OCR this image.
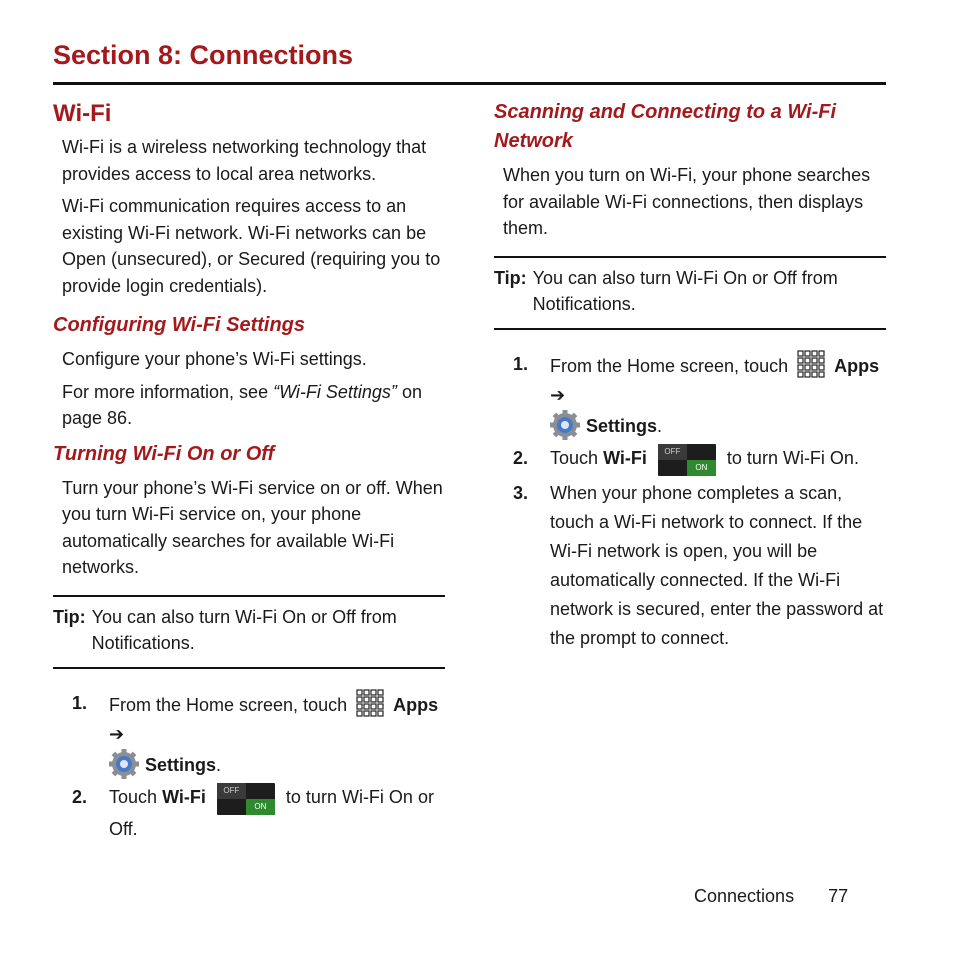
Section 8: Connections
Wi-Fi

Wi-Fi is a wireless networking technology that provides access to local area networks.

Wi-Fi communication requires access to an existing Wi-Fi network. Wi-Fi networks can be Open (unsecured), or Secured (requiring you to provide login credentials).

Configuring Wi-Fi Settings

Configure your phone’s Wi-Fi settings.

For more information, see “Wi-Fi Settings” on page 86.

Turning Wi-Fi On or Off

Turn your phone’s Wi-Fi service on or off. When you turn Wi-Fi service on, your phone automatically searches for available Wi-Fi networks.

Tip: You can also turn Wi-Fi On or Off from Notifications.
1.	From the Home screen, touch	Apps ➔
Settings.
2.	Touch Wi-Fi	OFF
ON	to turn Wi-Fi On or Off.
Scanning and Connecting to a Wi-Fi Network

When you turn on Wi-Fi, your phone searches for available Wi-Fi connections, then displays them.

Tip: You can also turn Wi-Fi On or Off from Notifications.
1.	From the Home screen, touch	Apps ➔
Settings.
2.	Touch Wi-Fi	OFF
ON	to turn Wi-Fi On.
3.	When your phone completes a scan, touch a Wi-Fi network to connect. If the Wi-Fi network is open, you will be automatically connected. If the Wi-Fi network is secured, enter the password at the prompt to connect.
Connections 77
